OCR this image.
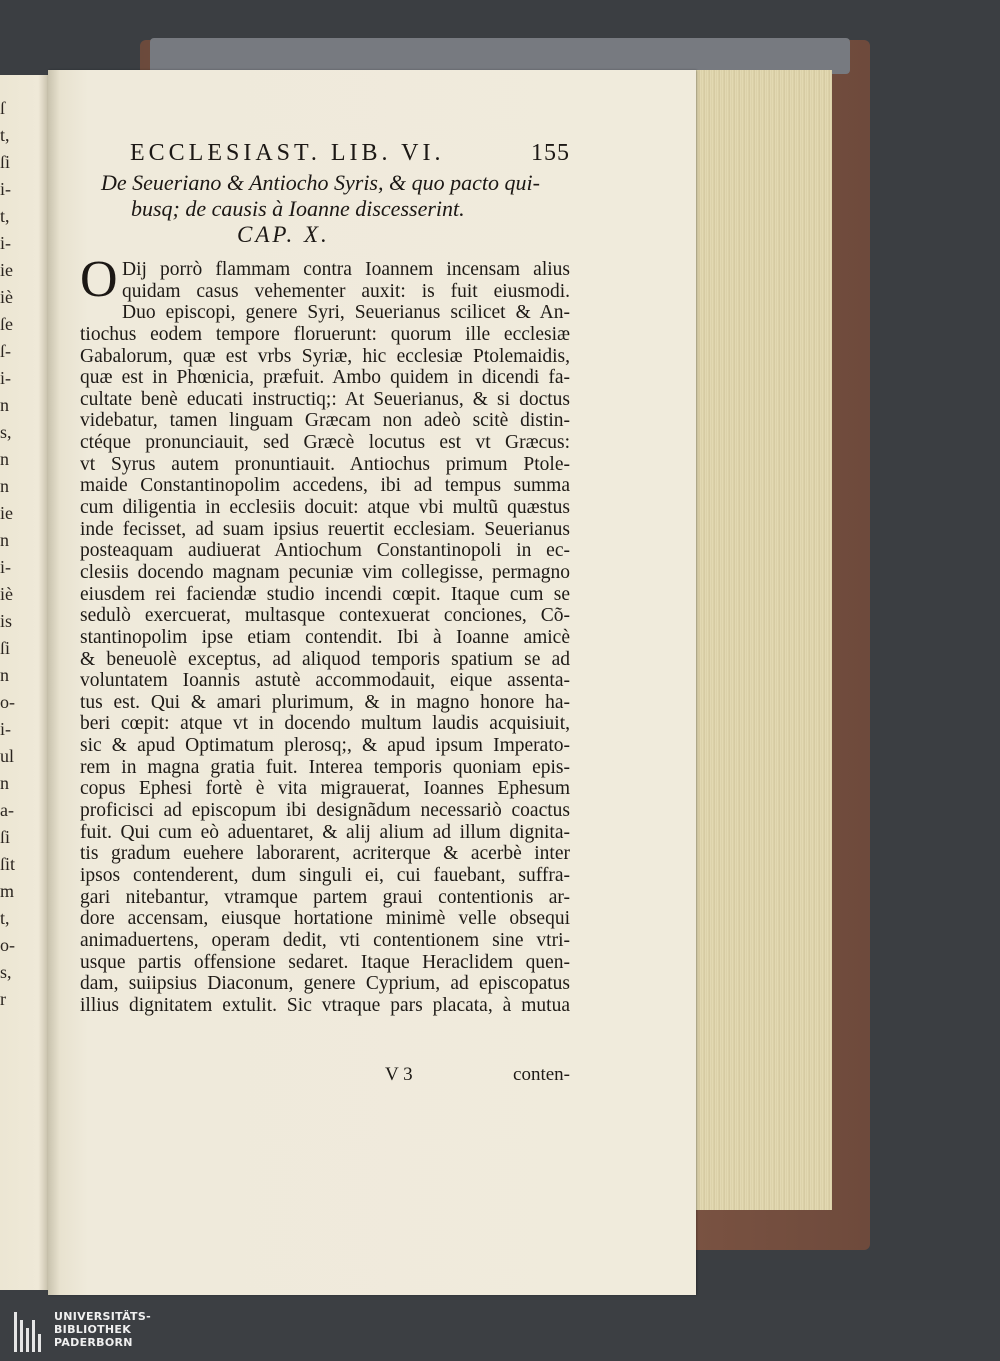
ſ
t,
ſi
i-
t,
i-
ie
iè
ſe
ſ-
i-
n
s,
n
n
ie
n
i-
iè
is
ſi
n
o-
i-
ul
n
a-
ſi
ſit
m
t,
o-
s,
r
ECCLESIAST. LIB. VI.	155
De Seueriano & Antiocho Syris, & quo pacto qui-
busq; de causis à Ioanne discesserint.
CAP. X.
O Dij porrò flammam contra Ioannem incensam alius
quidam casus vehementer auxit: is fuit eiusmodi.
Duo episcopi, genere Syri, Seuerianus scilicet & An-
tiochus eodem tempore floruerunt: quorum ille ecclesiæ
Gabalorum, quæ est vrbs Syriæ, hic ecclesiæ Ptolemaidis,
quæ est in Phœnicia, præfuit. Ambo quidem in dicendi fa-
cultate benè educati instructiq;: At Seuerianus, & si doctus
videbatur, tamen linguam Græcam non adeò scitè distin-
ctéque pronunciauit, sed Græcè locutus est vt Græcus:
vt Syrus autem pronuntiauit. Antiochus primum Ptole-
maide Constantinopolim accedens, ibi ad tempus summa
cum diligentia in ecclesiis docuit: atque vbi multũ quæstus
inde fecisset, ad suam ipsius reuertit ecclesiam. Seuerianus
posteaquam audiuerat Antiochum Constantinopoli in ec-
clesiis docendo magnam pecuniæ vim collegisse, permagno
eiusdem rei faciendæ studio incendi cœpit. Itaque cum se
sedulò exercuerat, multasque contexuerat conciones, Cõ-
stantinopolim ipse etiam contendit. Ibi à Ioanne amicè
& beneuolè exceptus, ad aliquod temporis spatium se ad
voluntatem Ioannis astutè accommodauit, eique assenta-
tus est. Qui & amari plurimum, & in magno honore ha-
beri cœpit: atque vt in docendo multum laudis acquisiuit,
sic & apud Optimatum plerosq;, & apud ipsum Imperato-
rem in magna gratia fuit. Interea temporis quoniam epis-
copus Ephesi fortè è vita migrauerat, Ioannes Ephesum
proficisci ad episcopum ibi designãdum necessariò coactus
fuit. Qui cum eò aduentaret, & alij alium ad illum dignita-
tis gradum euehere laborarent, acriterque & acerbè inter
ipsos contenderent, dum singuli ei, cui fauebant, suffra-
gari nitebantur, vtramque partem graui contentionis ar-
dore accensam, eiusque hortatione minimè velle obsequi
animaduertens, operam dedit, vti contentionem sine vtri-
usque partis offensione sedaret. Itaque Heraclidem quen-
dam, suiipsius Diaconum, genere Cyprium, ad episcopatus
illius dignitatem extulit. Sic vtraque pars placata, à mutua
V 3	conten-
UNIVERSITÄTS-
BIBLIOTHEK
PADERBORN
